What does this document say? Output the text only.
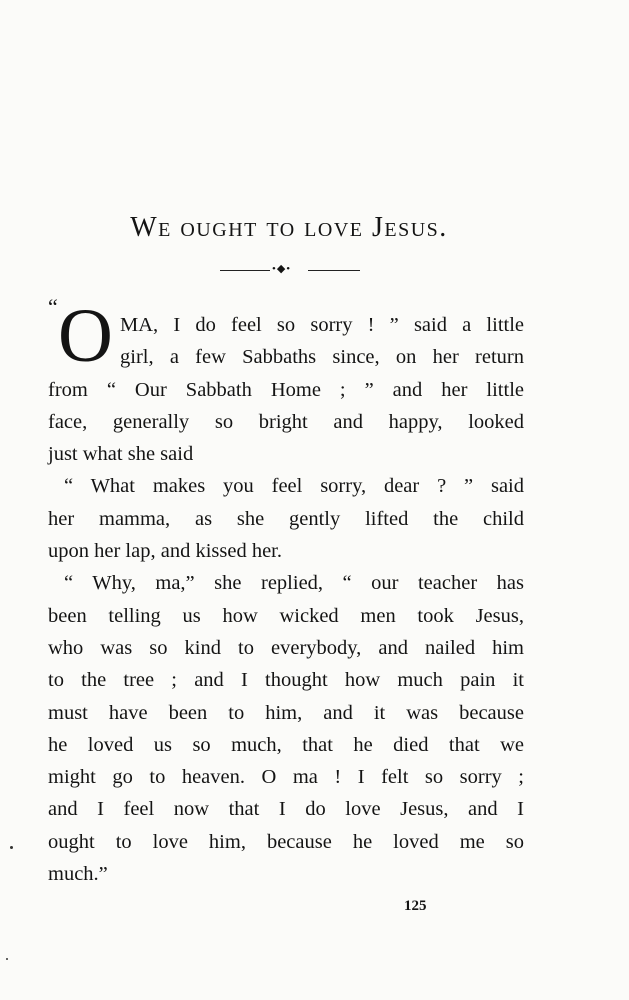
We ought to love Jesus.
•◆•
“ O MA, I do feel so sorry ! ” said a little
girl, a few Sabbaths since, on her return
from “ Our Sabbath Home ; ” and her little
face, generally so bright and happy, looked
just what she said
“ What makes you feel sorry, dear ? ” said
her mamma, as she gently lifted the child
upon her lap, and kissed her.
“ Why, ma,” she replied, “ our teacher has
been telling us how wicked men took Jesus,
who was so kind to everybody, and nailed him
to the tree ; and I thought how much pain it
must have been to him, and it was because
he loved us so much, that he died that we
might go to heaven. O ma ! I felt so sorry ;
and I feel now that I do love Jesus, and I
ought to love him, because he loved me so
much.”
125
